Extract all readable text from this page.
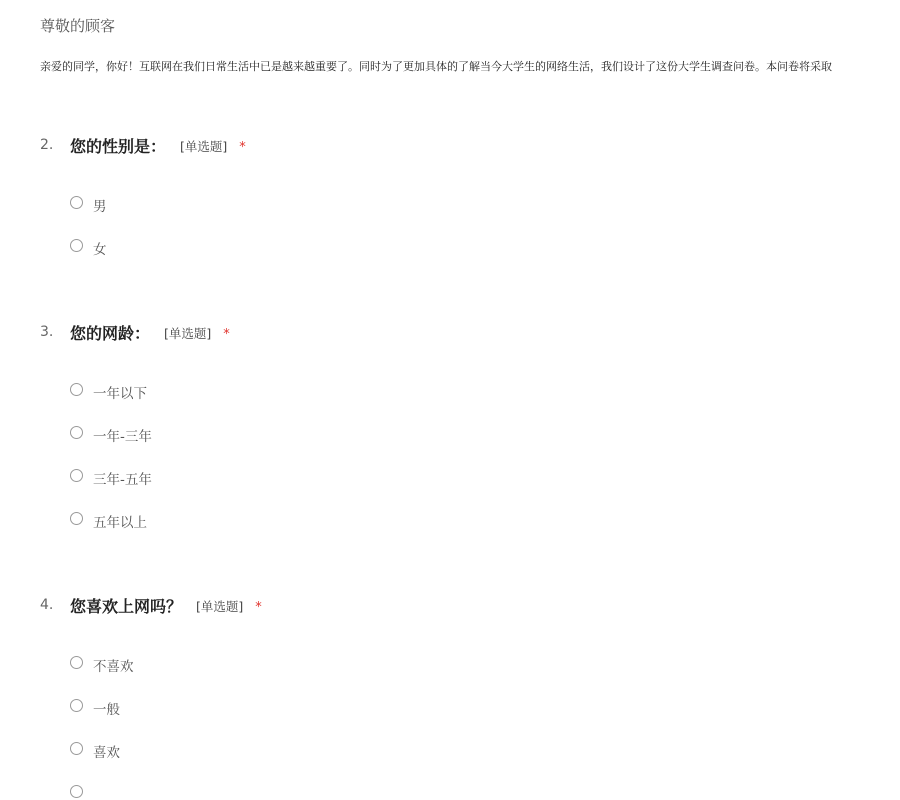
尊敬的顾客
亲爱的同学，你好！互联网在我们日常生活中已是越来越重要了。同时为了更加具体的了解当今大学生的网络生活，我们设计了这份大学生调查问卷。本问卷将采取
2. 您的性别是： [单选题] *
男
女
3. 您的网龄： [单选题] *
一年以下
一年-三年
三年-五年
五年以上
4. 您喜欢上网吗？ [单选题] *
不喜欢
一般
喜欢
